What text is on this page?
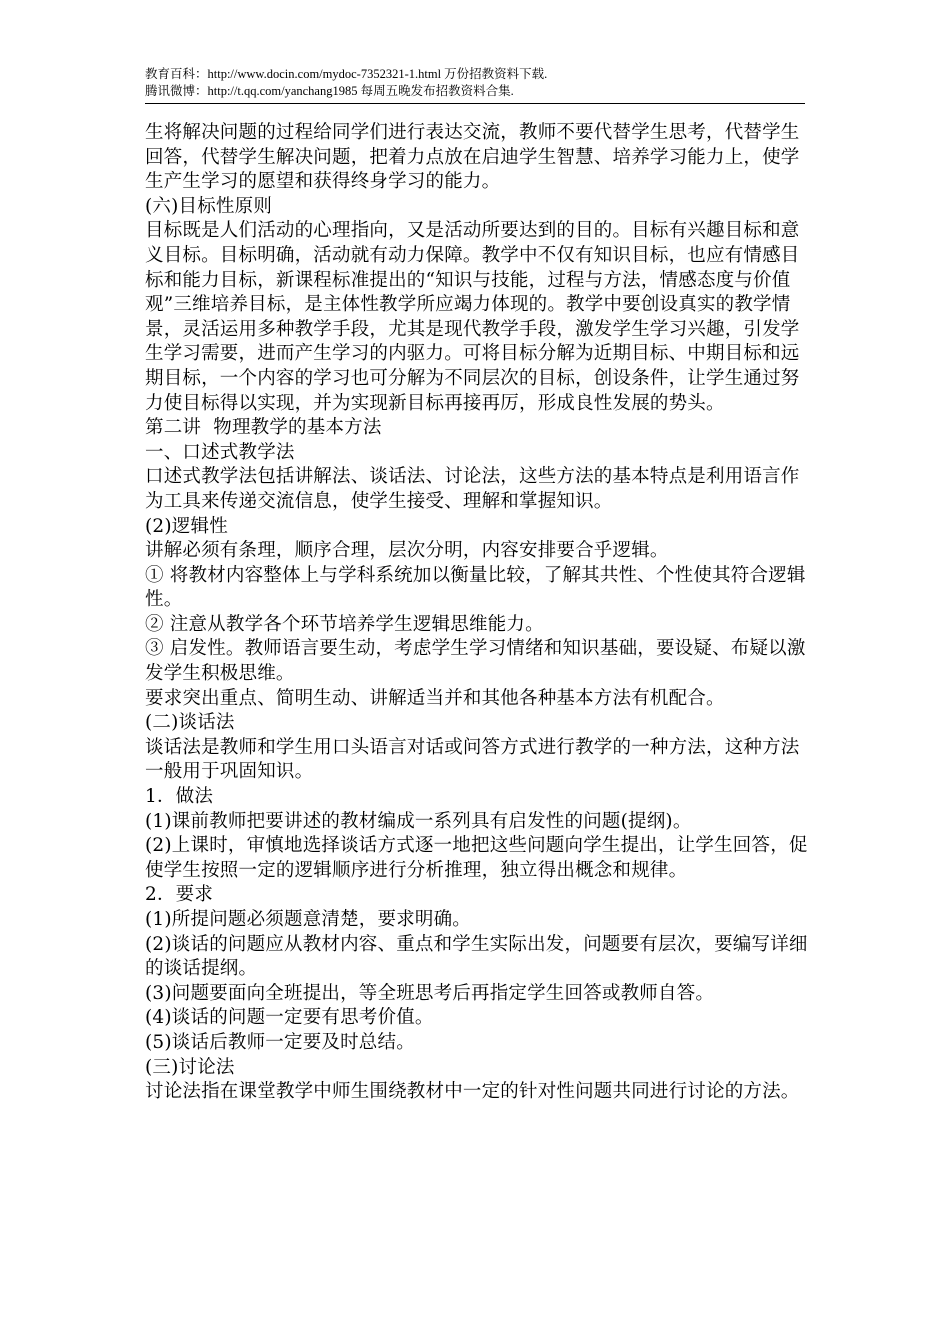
教育百科：http://www.docin.com/mydoc-7352321-1.html 万份招教资料下载.
腾讯微博：http://t.qq.com/yanchang1985 每周五晚发布招教资料合集.

生将解决问题的过程给同学们进行表达交流，教师不要代替学生思考，代替学生回答，代替学生解决问题，把着力点放在启迪学生智慧、培养学习能力上，使学生产生学习的愿望和获得终身学习的能力。

(六)目标性原则

目标既是人们活动的心理指向，又是活动所要达到的目的。目标有兴趣目标和意义目标。目标明确，活动就有动力保障。教学中不仅有知识目标，也应有情感目标和能力目标，新课程标准提出的“知识与技能，过程与方法，情感态度与价值观”三维培养目标，是主体性教学所应竭力体现的。教学中要创设真实的教学情景，灵活运用多种教学手段，尤其是现代教学手段，激发学生学习兴趣，引发学生学习需要，进而产生学习的内驱力。可将目标分解为近期目标、中期目标和远期目标，一个内容的学习也可分解为不同层次的目标，创设条件，让学生通过努力使目标得以实现，并为实现新目标再接再厉，形成良性发展的势头。

第二讲  物理教学的基本方法

一、口述式教学法

口述式教学法包括讲解法、谈话法、讨论法，这些方法的基本特点是利用语言作为工具来传递交流信息，使学生接受、理解和掌握知识。

(2)逻辑性

讲解必须有条理，顺序合理，层次分明，内容安排要合乎逻辑。

① 将教材内容整体上与学科系统加以衡量比较，了解其共性、个性使其符合逻辑性。

② 注意从教学各个环节培养学生逻辑思维能力。

③ 启发性。教师语言要生动，考虑学生学习情绪和知识基础，要设疑、布疑以激发学生积极思维。

要求突出重点、简明生动、讲解适当并和其他各种基本方法有机配合。

(二)谈话法

谈话法是教师和学生用口头语言对话或问答方式进行教学的一种方法，这种方法一般用于巩固知识。

1．做法

(1)课前教师把要讲述的教材编成一系列具有启发性的问题(提纲)。

(2)上课时，审慎地选择谈话方式逐一地把这些问题向学生提出，让学生回答，促使学生按照一定的逻辑顺序进行分析推理，独立得出概念和规律。

2．要求

(1)所提问题必须题意清楚，要求明确。

(2)谈话的问题应从教材内容、重点和学生实际出发，问题要有层次，要编写详细的谈话提纲。

(3)问题要面向全班提出，等全班思考后再指定学生回答或教师自答。

(4)谈话的问题一定要有思考价值。

(5)谈话后教师一定要及时总结。

(三)讨论法

讨论法指在课堂教学中师生围绕教材中一定的针对性问题共同进行讨论的方法。
